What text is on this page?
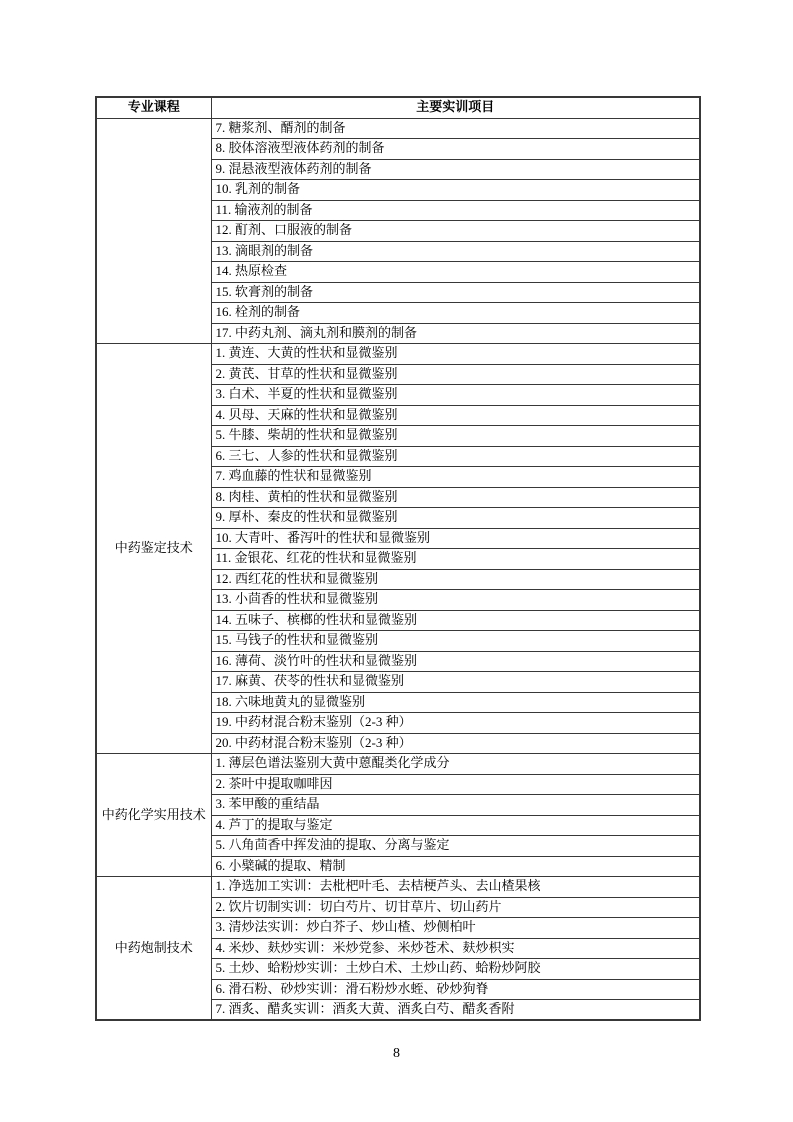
专业课程	主要实训项目
	7. 糖浆剂、醑剂的制备
	8. 胶体溶液型液体药剂的制备
	9. 混悬液型液体药剂的制备
	10. 乳剂的制备
	11. 输液剂的制备
	12. 酊剂、口服液的制备
	13. 滴眼剂的制备
	14. 热原检查
	15. 软膏剂的制备
	16. 栓剂的制备
	17. 中药丸剂、滴丸剂和膜剂的制备
中药鉴定技术	1. 黄连、大黄的性状和显微鉴别
	2. 黄芪、甘草的性状和显微鉴别
	3. 白术、半夏的性状和显微鉴别
	4. 贝母、天麻的性状和显微鉴别
	5. 牛膝、柴胡的性状和显微鉴别
	6. 三七、人参的性状和显微鉴别
	7. 鸡血藤的性状和显微鉴别
	8. 肉桂、黄柏的性状和显微鉴别
	9. 厚朴、秦皮的性状和显微鉴别
	10. 大青叶、番泻叶的性状和显微鉴别
	11. 金银花、红花的性状和显微鉴别
	12. 西红花的性状和显微鉴别
	13. 小茴香的性状和显微鉴别
	14. 五味子、槟榔的性状和显微鉴别
	15. 马钱子的性状和显微鉴别
	16. 薄荷、淡竹叶的性状和显微鉴别
	17. 麻黄、茯苓的性状和显微鉴别
	18. 六味地黄丸的显微鉴别
	19. 中药材混合粉末鉴别（2-3 种）
	20. 中药材混合粉末鉴别（2-3 种）
中药化学实用技术	1. 薄层色谱法鉴别大黄中蒽醌类化学成分
	2. 茶叶中提取咖啡因
	3. 苯甲酸的重结晶
	4. 芦丁的提取与鉴定
	5. 八角茴香中挥发油的提取、分离与鉴定
	6. 小檗碱的提取、精制
中药炮制技术	1. 净选加工实训：去枇杷叶毛、去桔梗芦头、去山楂果核
	2. 饮片切制实训：切白芍片、切甘草片、切山药片
	3. 清炒法实训：炒白芥子、炒山楂、炒侧柏叶
	4. 米炒、麸炒实训：米炒党参、米炒苍术、麸炒枳实
	5. 土炒、蛤粉炒实训：土炒白术、土炒山药、蛤粉炒阿胶
	6. 滑石粉、砂炒实训：滑石粉炒水蛭、砂炒狗脊
	7. 酒炙、醋炙实训：酒炙大黄、酒炙白芍、醋炙香附
8
